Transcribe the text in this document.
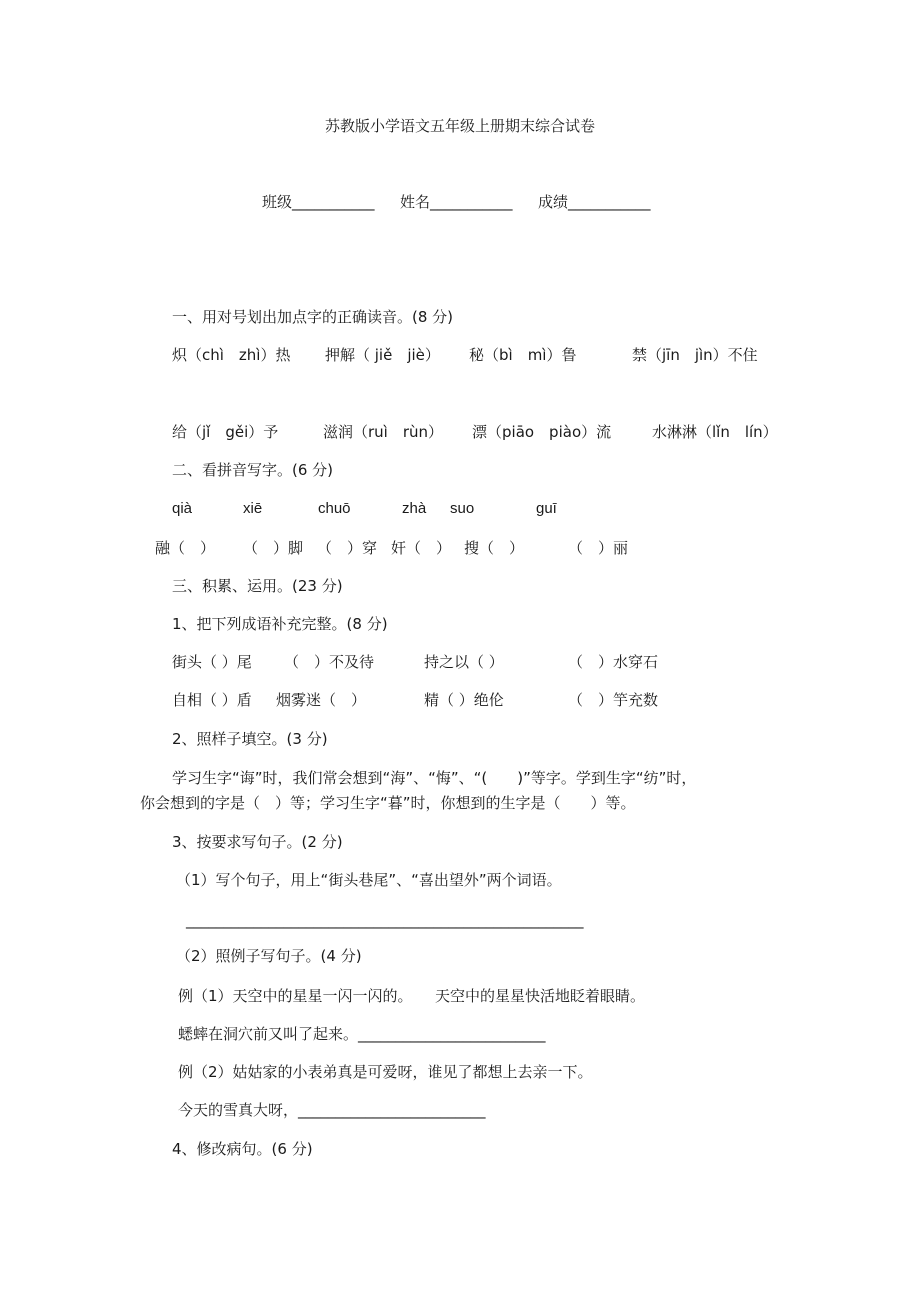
苏教版小学语文五年级上册期末综合试卷
班级___________ 姓名___________ 成绩___________
一、用对号划出加点字的正确读音。(8 分)
炽（chì　zhì）热 押解（ jiě　jiè） 秘（bì　mì）鲁	禁（jīn　jìn）不住
给（jǐ　gěi）予	滋润（ruì　rùn） 漂（piāo　piào）流	水淋淋（lǐn　lín）
二、看拼音写字。(6 分)
qià	xiē	chuō	zhà suo	guī
融（　） （　）脚 （　）穿 奸（　） 搜（　）	（　）丽
三、积累、运用。(23 分)
1、把下列成语补充完整。(8 分)
街头（ ）尾 （　）不及待	持之以（ ）	（　）水穿石
自相（ ）盾 烟雾迷（　）	精（ ）绝伦	（　）竽充数
2、照样子填空。(3 分)
学习生字“诲”时，我们常会想到“海”、“悔”、“(　　)”等字。学到生字“纺”时，
你会想到的字是（　）等；学习生字“暮”时，你想到的生字是（　　）等。
3、按要求写句子。(2 分)
（1）写个句子，用上“街头巷尾”、“喜出望外”两个词语。
_____________________________________________________
（2）照例子写句子。(4 分)
例（1）天空中的星星一闪一闪的。　　天空中的星星快活地眨着眼睛。
蟋蟀在洞穴前又叫了起来。_________________________
例（2）姑姑家的小表弟真是可爱呀，谁见了都想上去亲一下。
今天的雪真大呀，_________________________
4、修改病句。(6 分)
